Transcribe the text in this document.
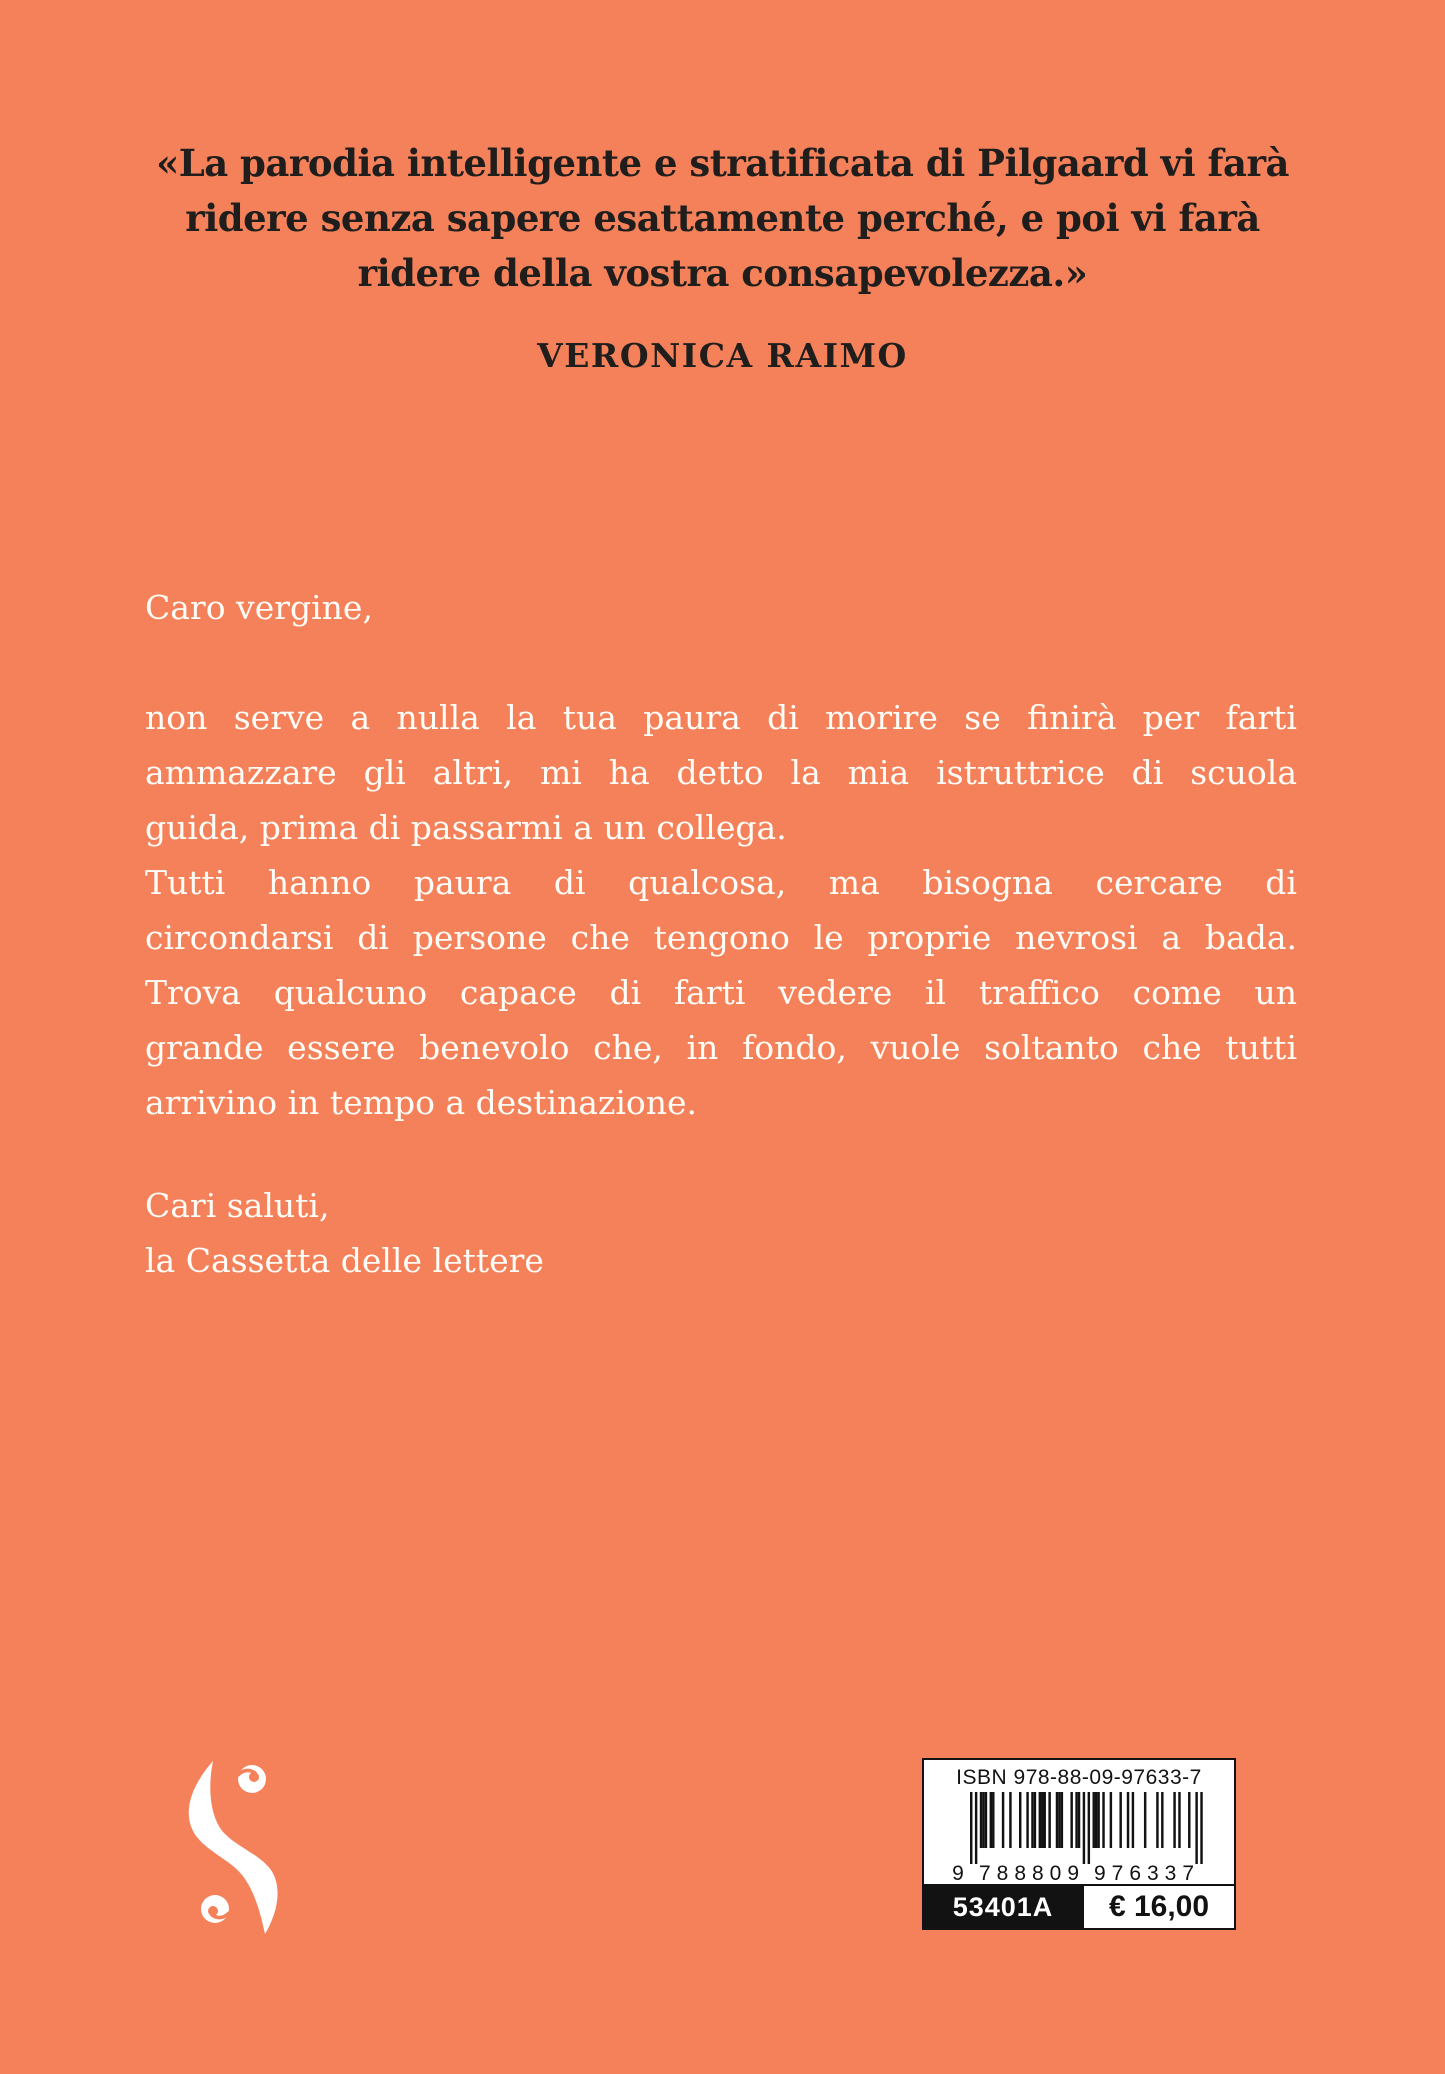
«La parodia intelligente e stratificata di Pilgaard vi farà
ridere senza sapere esattamente perché, e poi vi farà
ridere della vostra consapevolezza.»
VERONICA RAIMO
Caro vergine,
non serve a nulla la tua paura di morire se finirà per farti
ammazzare gli altri, mi ha detto la mia istruttrice di scuola
guida, prima di passarmi a un collega.
Tutti hanno paura di qualcosa, ma bisogna cercare di
circondarsi di persone che tengono le proprie nevrosi a bada.
Trova qualcuno capace di farti vedere il traffico come un
grande essere benevolo che, in fondo, vuole soltanto che tutti
arrivino in tempo a destinazione.
Cari saluti,
la Cassetta delle lettere
ISBN 978-88-09-97633-7
9 788809 976337
53401A	€ 16,00
